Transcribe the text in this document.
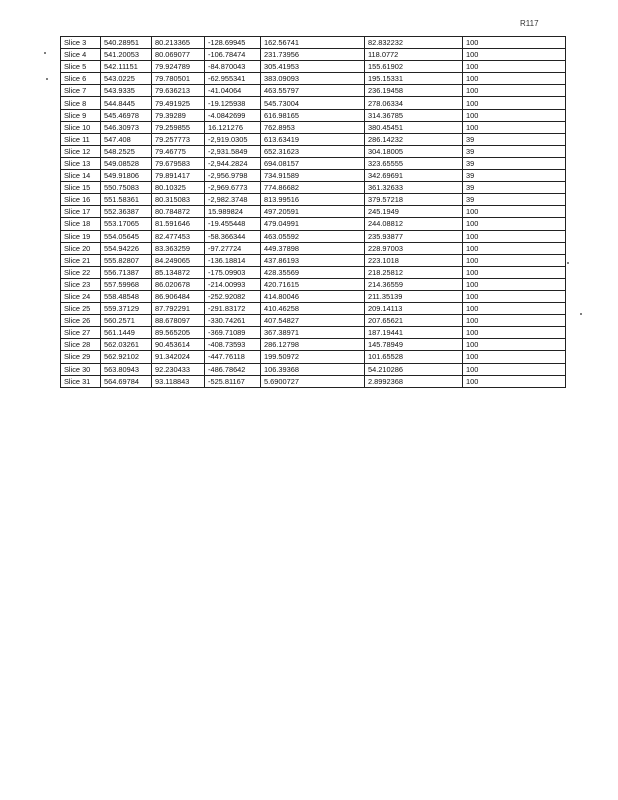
R117
Slice 3	540.28951	80.213365	-128.69945	162.56741	82.832232	100
Slice 4	541.20053	80.069077	-106.78474	231.73956	118.0772	100
Slice 5	542.11151	79.924789	-84.870043	305.41953	155.61902	100
Slice 6	543.0225	79.780501	-62.955341	383.09093	195.15331	100
Slice 7	543.9335	79.636213	-41.04064	463.55797	236.19458	100
Slice 8	544.8445	79.491925	-19.125938	545.73004	278.06334	100
Slice 9	545.46978	79.39289	-4.0842699	616.98165	314.36785	100
Slice 10	546.30973	79.259855	16.121276	762.8953	380.45451	100
Slice 11	547.408	79.257773	-2,919.0305	613.63419	286.14232	39
Slice 12	548.2525	79.46775	-2,931.5849	652.31623	304.18005	39
Slice 13	549.08528	79.679583	-2,944.2824	694.08157	323.65555	39
Slice 14	549.91806	79.891417	-2,956.9798	734.91589	342.69691	39
Slice 15	550.75083	80.10325	-2,969.6773	774.86682	361.32633	39
Slice 16	551.58361	80.315083	-2,982.3748	813.99516	379.57218	39
Slice 17	552.36387	80.784872	15.989824	497.20591	245.1949	100
Slice 18	553.17065	81.591646	-19.455448	479.04991	244.08812	100
Slice 19	554.05645	82.477453	-58.366344	463.05592	235.93877	100
Slice 20	554.94226	83.363259	-97.27724	449.37898	228.97003	100
Slice 21	555.82807	84.249065	-136.18814	437.86193	223.1018	100
Slice 22	556.71387	85.134872	-175.09903	428.35569	218.25812	100
Slice 23	557.59968	86.020678	-214.00993	420.71615	214.36559	100
Slice 24	558.48548	86.906484	-252.92082	414.80046	211.35139	100
Slice 25	559.37129	87.792291	-291.83172	410.46258	209.14113	100
Slice 26	560.2571	88.678097	-330.74261	407.54827	207.65621	100
Slice 27	561.1449	89.565205	-369.71089	367.38971	187.19441	100
Slice 28	562.03261	90.453614	-408.73593	286.12798	145.78949	100
Slice 29	562.92102	91.342024	-447.76118	199.50972	101.65528	100
Slice 30	563.80943	92.230433	-486.78642	106.39368	54.210286	100
Slice 31	564.69784	93.118843	-525.81167	5.6900727	2.8992368	100
